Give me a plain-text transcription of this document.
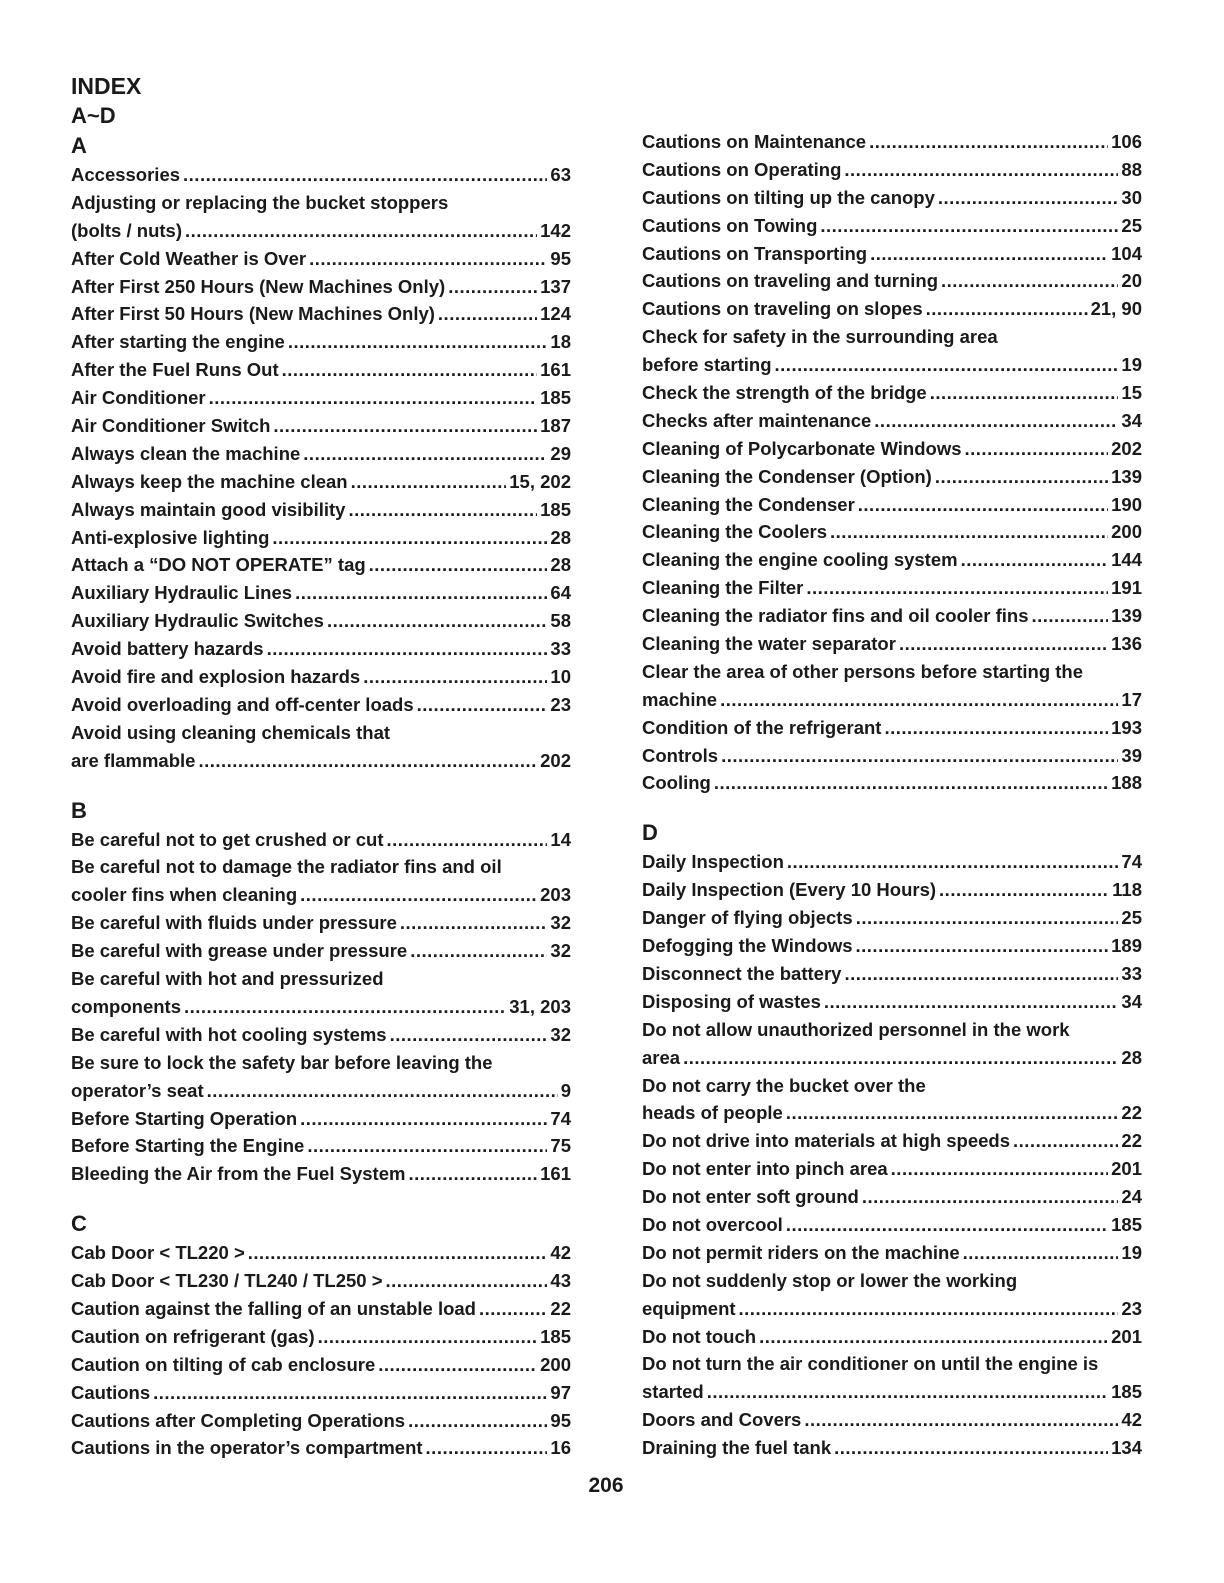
INDEX
A~D
A
Accessories .....	63
Adjusting or replacing the bucket stoppers
(bolts / nuts) .....	142
After Cold Weather is Over .....	95
After First 250 Hours (New Machines Only) .....	137
After First 50 Hours (New Machines Only) .....	124
After starting the engine .....	18
After the Fuel Runs Out .....	161
Air Conditioner .....	185
Air Conditioner Switch .....	187
Always clean the machine .....	29
Always keep the machine clean .....	15, 202
Always maintain good visibility .....	185
Anti-explosive lighting .....	28
Attach a “DO NOT OPERATE” tag .....	28
Auxiliary Hydraulic Lines .....	64
Auxiliary Hydraulic Switches .....	58
Avoid battery hazards .....	33
Avoid fire and explosion hazards .....	10
Avoid overloading and off-center loads .....	23
Avoid using cleaning chemicals that
are flammable .....	202
B
Be careful not to get crushed or cut .....	14
Be careful not to damage the radiator fins and oil
cooler fins when cleaning .....	203
Be careful with fluids under pressure .....	32
Be careful with grease under pressure .....	32
Be careful with hot and pressurized
components .....	31, 203
Be careful with hot cooling systems .....	32
Be sure to lock the safety bar before leaving the
operator’s seat .....	9
Before Starting Operation .....	74
Before Starting the Engine .....	75
Bleeding the Air from the Fuel System .....	161
C
Cab Door < TL220 > .....	42
Cab Door < TL230 / TL240 / TL250 > .....	43
Caution against the falling of an unstable load .....	22
Caution on refrigerant (gas) .....	185
Caution on tilting of cab enclosure .....	200
Cautions .....	97
Cautions after Completing Operations .....	95
Cautions in the operator’s compartment .....	16
Cautions on Maintenance .....	106
Cautions on Operating .....	88
Cautions on tilting up the canopy .....	30
Cautions on Towing .....	25
Cautions on Transporting .....	104
Cautions on traveling and turning .....	20
Cautions on traveling on slopes .....	21, 90
Check for safety in the surrounding area
before starting .....	19
Check the strength of the bridge .....	15
Checks after maintenance .....	34
Cleaning of Polycarbonate Windows .....	202
Cleaning the Condenser (Option) .....	139
Cleaning the Condenser .....	190
Cleaning the Coolers .....	200
Cleaning the engine cooling system .....	144
Cleaning the Filter .....	191
Cleaning the radiator fins and oil cooler fins .....	139
Cleaning the water separator .....	136
Clear the area of other persons before starting the
machine .....	17
Condition of the refrigerant .....	193
Controls .....	39
Cooling .....	188
D
Daily Inspection .....	74
Daily Inspection (Every 10 Hours) .....	118
Danger of flying objects .....	25
Defogging the Windows .....	189
Disconnect the battery .....	33
Disposing of wastes .....	34
Do not allow unauthorized personnel in the work
area .....	28
Do not carry the bucket over the
heads of people .....	22
Do not drive into materials at high speeds .....	22
Do not enter into pinch area .....	201
Do not enter soft ground .....	24
Do not overcool .....	185
Do not permit riders on the machine .....	19
Do not suddenly stop or lower the working
equipment .....	23
Do not touch .....	201
Do not turn the air conditioner on until the engine is
started .....	185
Doors and Covers .....	42
Draining the fuel tank .....	134
206
